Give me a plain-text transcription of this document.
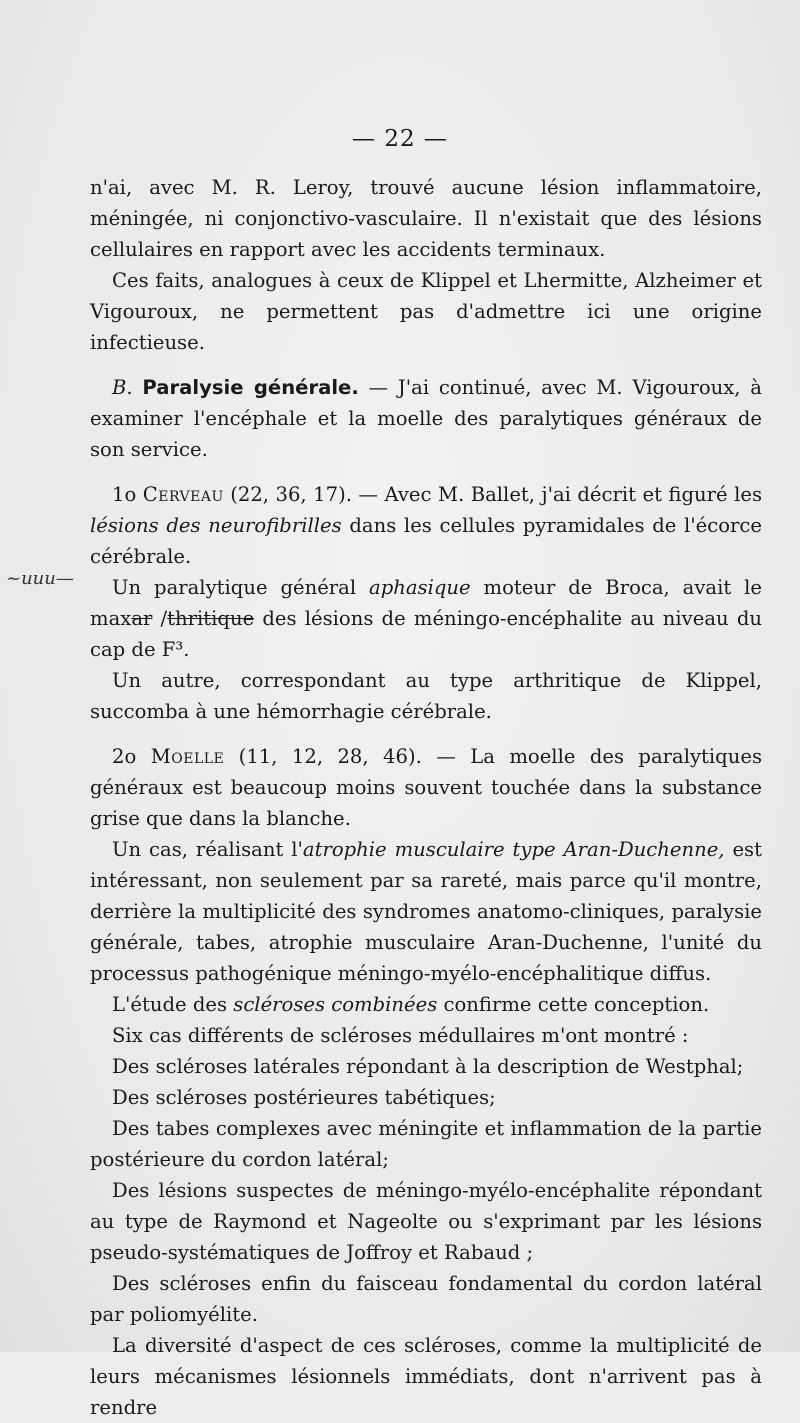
— 22 —
~uuu—

n'ai, avec M. R. Leroy, trouvé aucune lésion inflammatoire, méningée, ni conjonctivo-vasculaire. Il n'existait que des lésions cellulaires en rapport avec les accidents terminaux.

Ces faits, analogues à ceux de Klippel et Lhermitte, Alzheimer et Vigouroux, ne permettent pas d'admettre ici une origine infectieuse.

B. Paralysie générale. — J'ai continué, avec M. Vigouroux, à examiner l'encéphale et la moelle des paralytiques généraux de son service.

1o Cerveau (22, 36, 17). — Avec M. Ballet, j'ai décrit et figuré les lésions des neurofibrilles dans les cellules pyramidales de l'écorce cérébrale.

Un paralytique général aphasique moteur de Broca, avait le maxar /thritique des lésions de méningo-encéphalite au niveau du cap de F³.

Un autre, correspondant au type arthritique de Klippel, succomba à une hémorrhagie cérébrale.

2o Moelle (11, 12, 28, 46). — La moelle des paralytiques généraux est beaucoup moins souvent touchée dans la substance grise que dans la blanche.

Un cas, réalisant l'atrophie musculaire type Aran-Duchenne, est intéressant, non seulement par sa rareté, mais parce qu'il montre, derrière la multiplicité des syndromes anatomo-cliniques, paralysie générale, tabes, atrophie musculaire Aran-Duchenne, l'unité du processus pathogénique méningo-myélo-encéphalitique diffus.

L'étude des scléroses combinées confirme cette conception.

Six cas différents de scléroses médullaires m'ont montré :

Des scléroses latérales répondant à la description de Westphal;

Des scléroses postérieures tabétiques;

Des tabes complexes avec méningite et inflammation de la partie postérieure du cordon latéral;

Des lésions suspectes de méningo-myélo-encéphalite répondant au type de Raymond et Nageolte ou s'exprimant par les lésions pseudo-systématiques de Joffroy et Rabaud ;

Des scléroses enfin du faisceau fondamental du cordon latéral par poliomyélite.

La diversité d'aspect de ces scléroses, comme la multiplicité de leurs mécanismes lésionnels immédiats, dont n'arrivent pas à rendre
